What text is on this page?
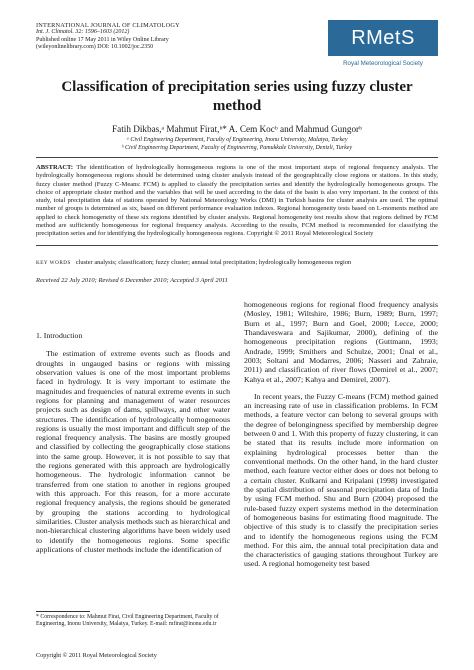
INTERNATIONAL JOURNAL OF CLIMATOLOGY
Int. J. Climatol. 32: 1596–1603 (2012)
Published online 17 May 2011 in Wiley Online Library
(wileyonlinelibrary.com) DOI: 10.1002/joc.2350	RMetS
Royal Meteorological Society
Classification of precipitation series using fuzzy cluster method
Fatih Dikbas,ᵃ Mahmut Firat,ᵇ* A. Cem Kocᵇ and Mahmud Gungorᵇ
ᵃ Civil Engineering Department, Faculty of Engineering, Inonu University, Malatya, Turkey
ᵇ Civil Engineering Department, Faculty of Engineering, Pamukkale University, Denizli, Turkey
ABSTRACT: The identification of hydrologically homogeneous regions is one of the most important steps of regional frequency analysis. The hydrologically homogeneous regions should be determined using cluster analysis instead of the geographically close regions or stations. In this study, fuzzy cluster method (Fuzzy C-Means: FCM) is applied to classify the precipitation series and identify the hydrologically homogeneous groups. The choice of appropriate cluster method and the variables that will be used according to the data of the basin is also very important. In the context of this study, total precipitation data of stations operated by National Meteorology Works (DMI) in Turkish basins for cluster analysis are used. The optimal number of groups is determined as six, based on different performance evaluation indexes. Regional homogeneity tests based on L-moments method are applied to check homogeneity of these six regions identified by cluster analysis. Regional homogeneity test results show that regions defined by FCM method are sufficiently homogeneous for regional frequency analysis. According to the results, FCM method is recommended for classifying the precipitation series and for identifying the hydrologically homogeneous regions. Copyright © 2011 Royal Meteorological Society
KEY WORDS cluster analysis; classification; fuzzy cluster; annual total precipitation; hydrologically homogeneous region
Received 22 July 2010; Revised 6 December 2010; Accepted 3 April 2011
1. Introduction

The estimation of extreme events such as floods and droughts in ungauged basins or regions with missing observation values is one of the most important problems faced in hydrology. It is very important to estimate the magnitudes and frequencies of natural extreme events in such regions for planning and management of water resources projects such as design of dams, spillways, and other water structures. The identification of hydrologically homogeneous regions is usually the most important and difficult step of the regional frequency analysis. The basins are mostly grouped and classified by collecting the geographically close stations into the same group. However, it is not possible to say that the regions generated with this approach are hydrologically homogeneous. The hydrologic information cannot be transferred from one station to another in regions grouped with this approach. For this reason, for a more accurate regional frequency analysis, the regions should be generated by grouping the stations according to hydrological similarities. Cluster analysis methods such as hierarchical and non-hierarchical clustering algorithms have been widely used to identify the homogeneous regions. Some specific applications of cluster methods include the identification of

homogeneous regions for regional flood frequency analysis (Mosley, 1981; Wiltshire, 1986; Burn, 1989; Burn, 1997; Burn et al., 1997; Burn and Goel, 2000; Lecce, 2000; Thandaveswara and Sajikumar, 2000), defining of the homogeneous precipitation regions (Guttmann, 1993; Andrade, 1999; Smithers and Schulze, 2001; Ünal et al., 2003; Soltani and Modarres, 2006; Nasseri and Zahraie, 2011) and classification of river flows (Demirel et al., 2007; Kahya et al., 2007; Kahya and Demirel, 2007).

In recent years, the Fuzzy C-means (FCM) method gained an increasing rate of use in classification problems. In FCM methods, a feature vector can belong to several groups with the degree of belongingness specified by membership degree between 0 and 1. With this property of fuzzy clustering, it can be stated that its results include more information on explaining hydrological processes better than the conventional methods. On the other hand, in the hard cluster method, each feature vector either does or does not belong to a certain cluster. Kulkarni and Kripalani (1998) investigated the spatial distribution of seasonal precipitation data of India by using FCM method. Shu and Burn (2004) proposed the rule-based fuzzy expert systems method in the determination of homogeneous basins for estimating flood magnitude. The objective of this study is to classify the precipitation series and to identify the homogeneous regions using the FCM method. For this aim, the annual total precipitation data and the characteristics of gauging stations throughout Turkey are used. A regional homogeneity test based

* Correspondence to: Mahmut Firat, Civil Engineering Department, Faculty of Engineering, Inonu University, Malatya, Turkey. E-mail: mfirat@inonu.edu.tr
Copyright © 2011 Royal Meteorological Society
